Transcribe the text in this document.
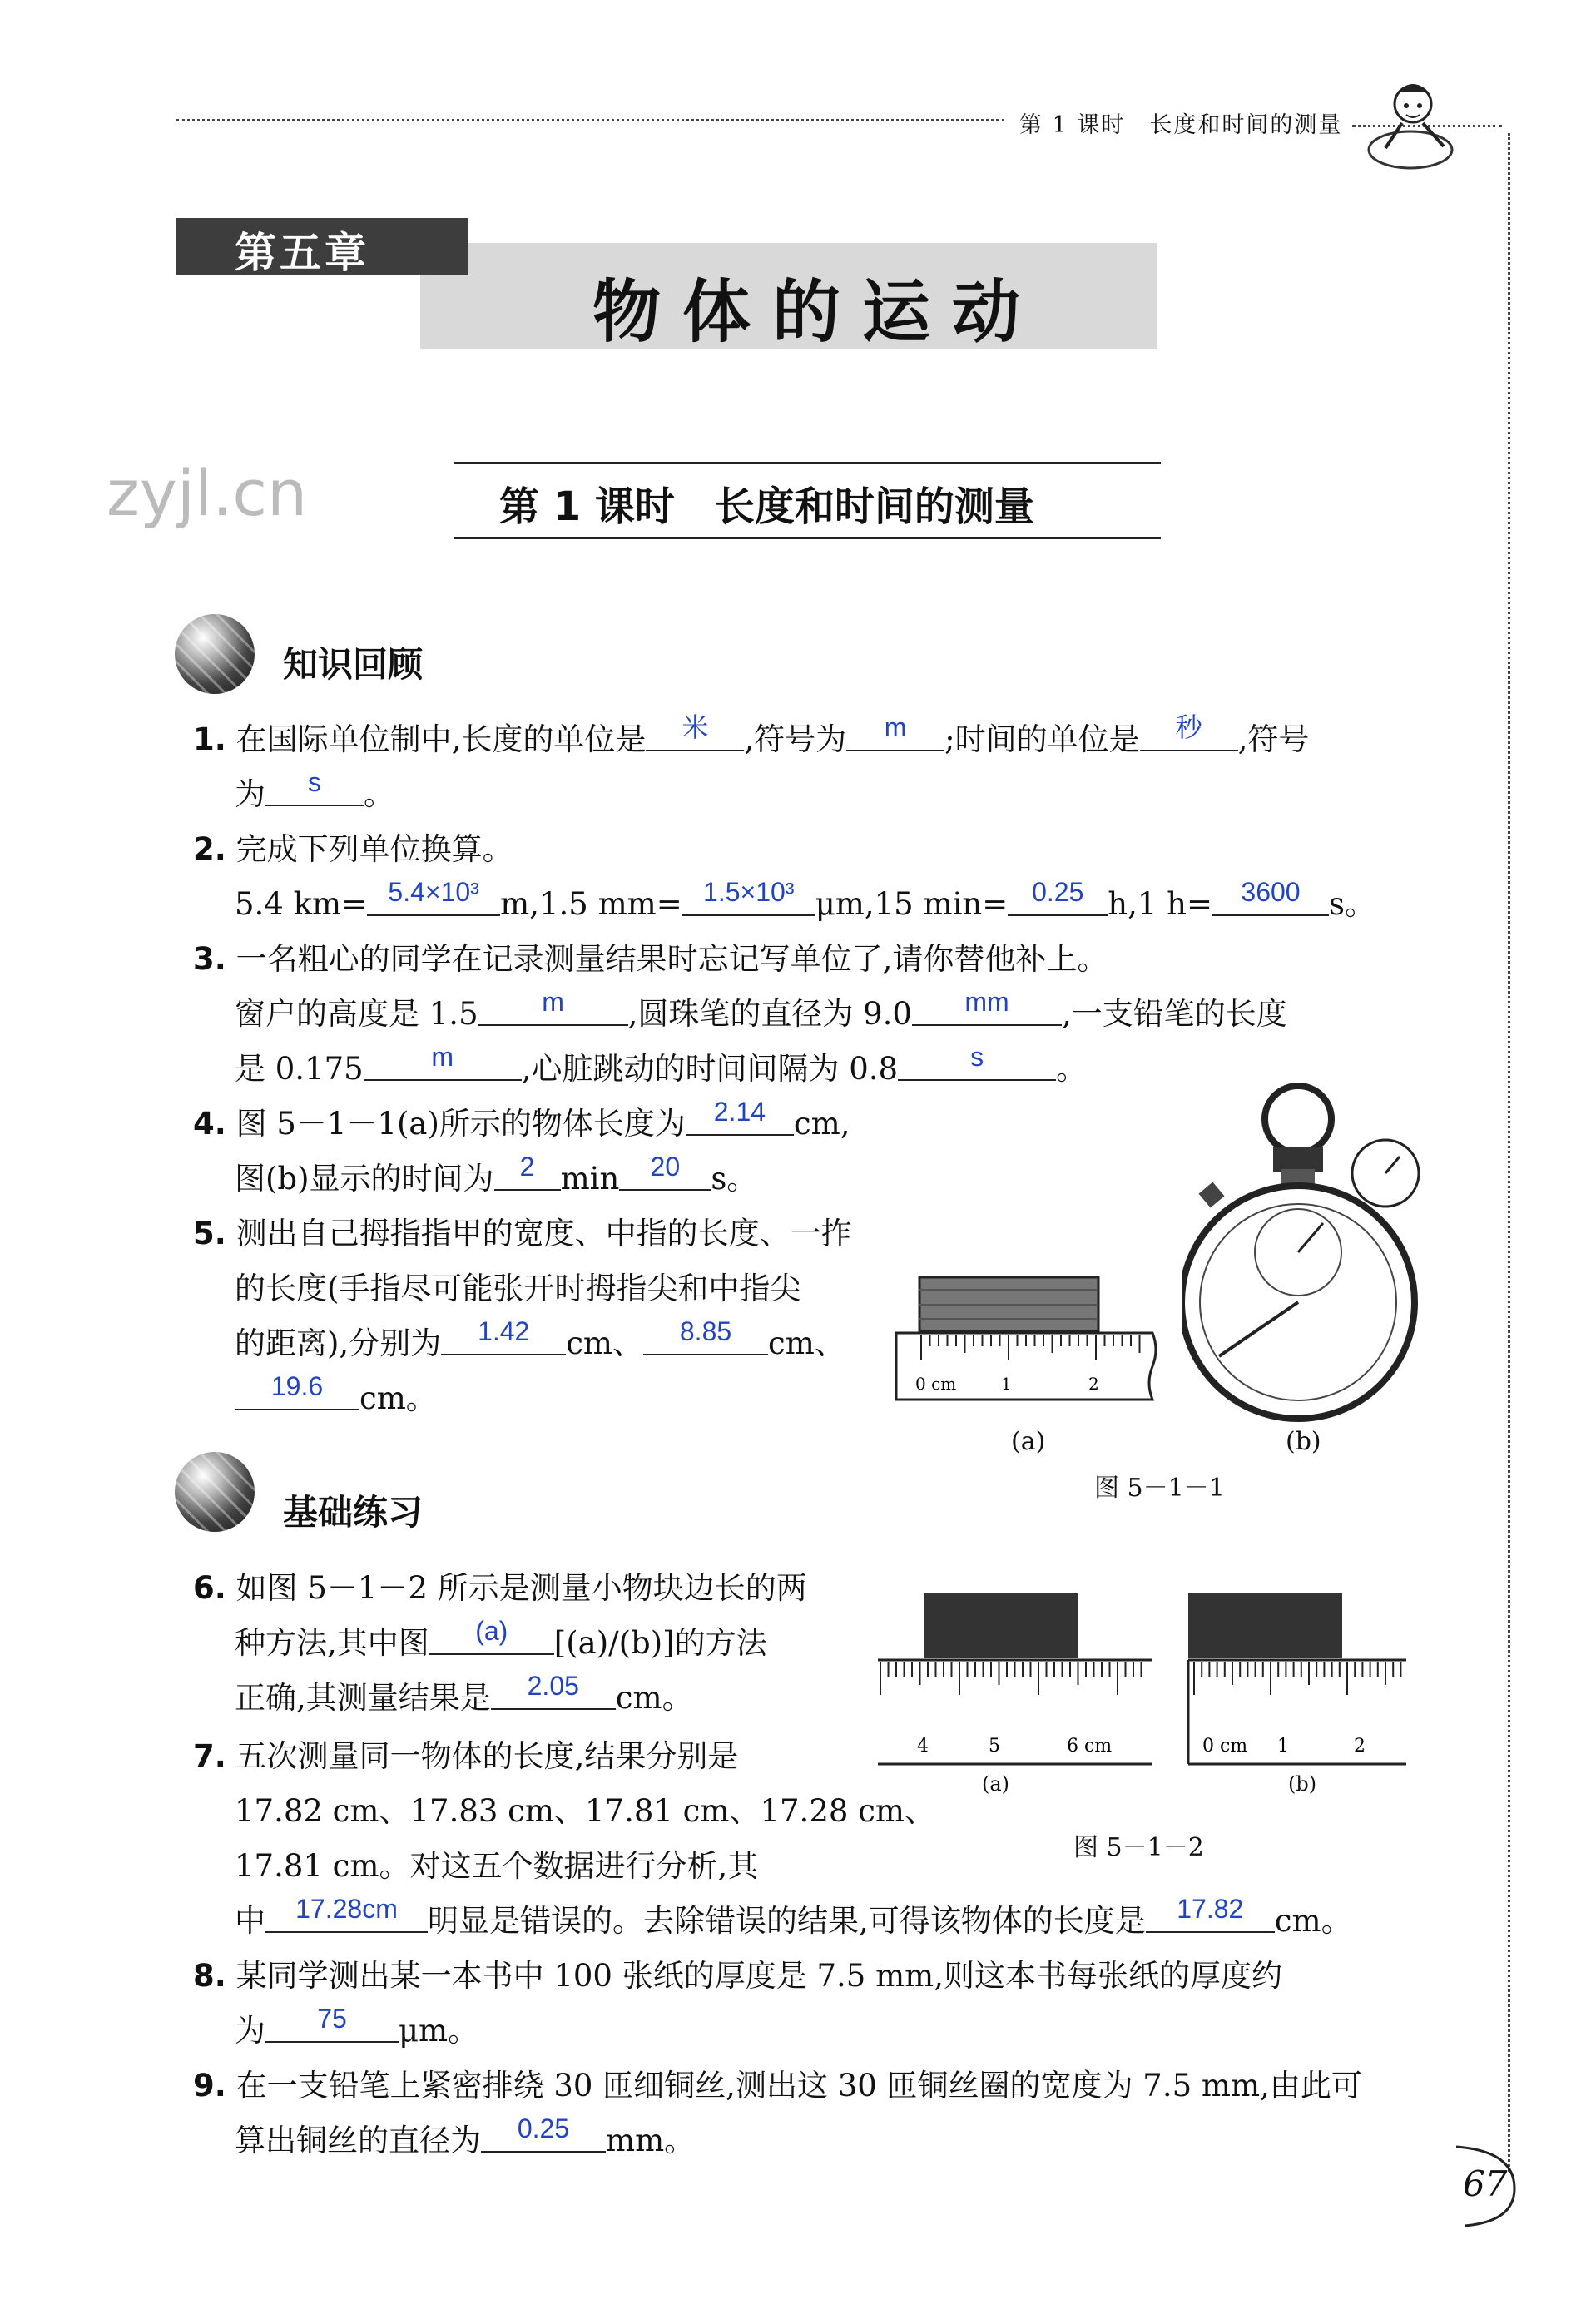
第 1 课时　长度和时间的测量
第五章
物体的运动
zyjl.cn	第 1 课时　长度和时间的测量
知识回顾
1. 在国际单位制中,长度的单位是 米 ,符号为 m ;时间的单位是 秒 ,符号
为 s 。
2. 完成下列单位换算。
5.4 km= 5.4×10³ m,1.5 mm= 1.5×10³ μm,15 min= 0.25 h,1 h= 3600 s。
3. 一名粗心的同学在记录测量结果时忘记写单位了,请你替他补上。
窗户的高度是 1.5 m ,圆珠笔的直径为 9.0 mm ,一支铅笔的长度
是 0.175	m ,心脏跳动的时间间隔为 0.8	s 。
4. 图 5－1－1(a)所示的物体长度为 2.14 cm,
图(b)显示的时间为 2 min 20 s。
5. 测出自己拇指指甲的宽度、中指的长度、一拃
的长度(手指尽可能张开时拇指尖和中指尖
的距离),分别为 1.42 cm、 8.85 cm、
19.6 cm。	0 cm	1	2
(a)	(b)
图 5－1－1
基础练习
6. 如图 5－1－2 所示是测量小物块边长的两
种方法,其中图 (a) [(a)/(b)]的方法
正确,其测量结果是 2.05 cm。
4	5	6 cm	0 cm 1	2
(a)	(b)
图 5－1－2
7. 五次测量同一物体的长度,结果分别是
17.82 cm、17.83 cm、17.81 cm、17.28 cm、
17.81 cm。对这五个数据进行分析,其
中 17.28cm 明显是错误的。去除错误的结果,可得该物体的长度是 17.82 cm。
8. 某同学测出某一本书中 100 张纸的厚度是 7.5 mm,则这本书每张纸的厚度约
为 75 μm。
9. 在一支铅笔上紧密排绕 30 匝细铜丝,测出这 30 匝铜丝圈的宽度为 7.5 mm,由此可
算出铜丝的直径为 0.25 mm。
67
